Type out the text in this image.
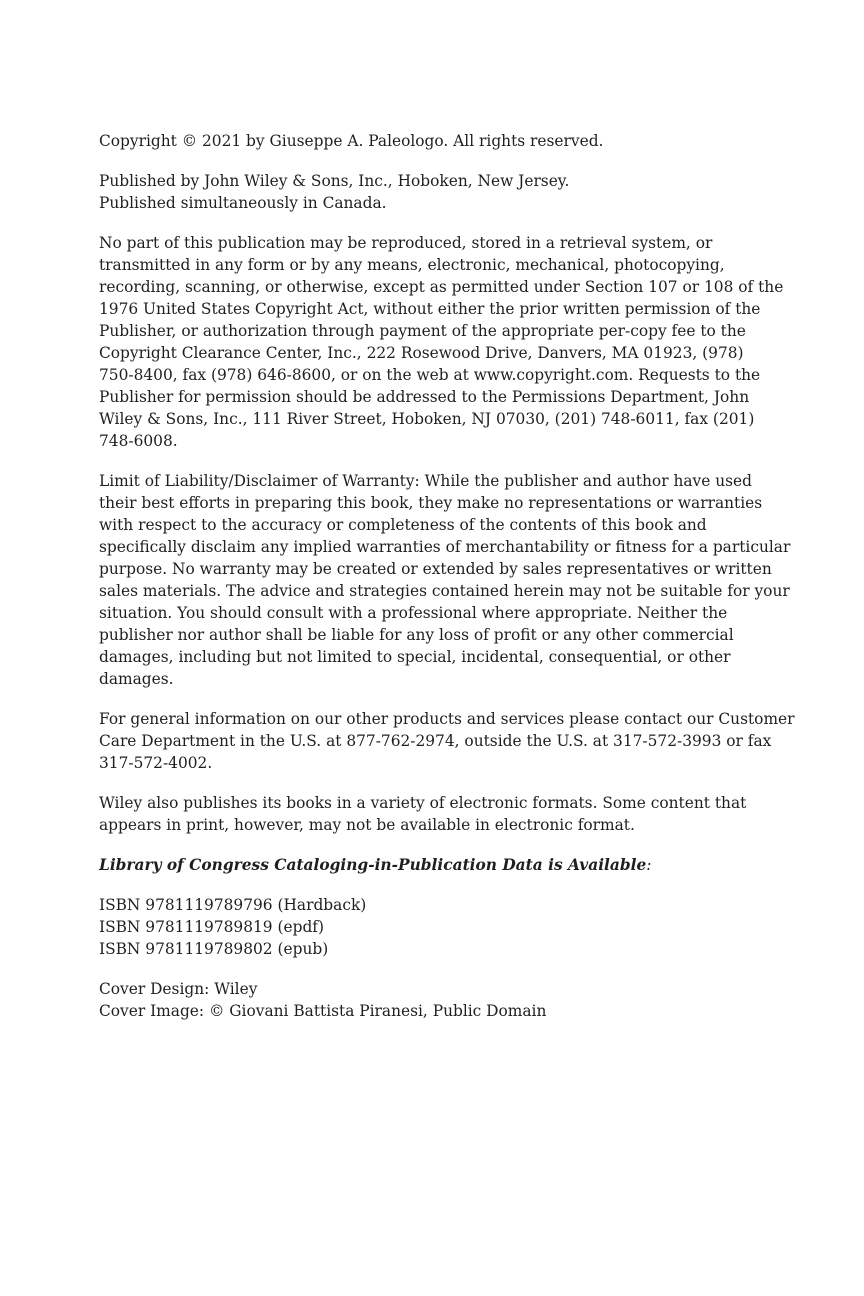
Copyright © 2021 by Giuseppe A. Paleologo. All rights reserved.

Published by John Wiley & Sons, Inc., Hoboken, New Jersey.
Published simultaneously in Canada.

No part of this publication may be reproduced, stored in a retrieval system, or
transmitted in any form or by any means, electronic, mechanical, photocopying,
recording, scanning, or otherwise, except as permitted under Section 107 or 108 of the
1976 United States Copyright Act, without either the prior written permission of the
Publisher, or authorization through payment of the appropriate per-copy fee to the
Copyright Clearance Center, Inc., 222 Rosewood Drive, Danvers, MA 01923, (978)
750-8400, fax (978) 646-8600, or on the web at www.copyright.com. Requests to the
Publisher for permission should be addressed to the Permissions Department, John
Wiley & Sons, Inc., 111 River Street, Hoboken, NJ 07030, (201) 748-6011, fax (201)
748-6008.

Limit of Liability/Disclaimer of Warranty: While the publisher and author have used
their best efforts in preparing this book, they make no representations or warranties
with respect to the accuracy or completeness of the contents of this book and
specifically disclaim any implied warranties of merchantability or fitness for a particular
purpose. No warranty may be created or extended by sales representatives or written
sales materials. The advice and strategies contained herein may not be suitable for your
situation. You should consult with a professional where appropriate. Neither the
publisher nor author shall be liable for any loss of profit or any other commercial
damages, including but not limited to special, incidental, consequential, or other
damages.

For general information on our other products and services please contact our Customer
Care Department in the U.S. at 877-762-2974, outside the U.S. at 317-572-3993 or fax
317-572-4002.

Wiley also publishes its books in a variety of electronic formats. Some content that
appears in print, however, may not be available in electronic format.

Library of Congress Cataloging-in-Publication Data is Available:

ISBN 9781119789796 (Hardback)
ISBN 9781119789819 (epdf)
ISBN 9781119789802 (epub)

Cover Design: Wiley
Cover Image: © Giovani Battista Piranesi, Public Domain
